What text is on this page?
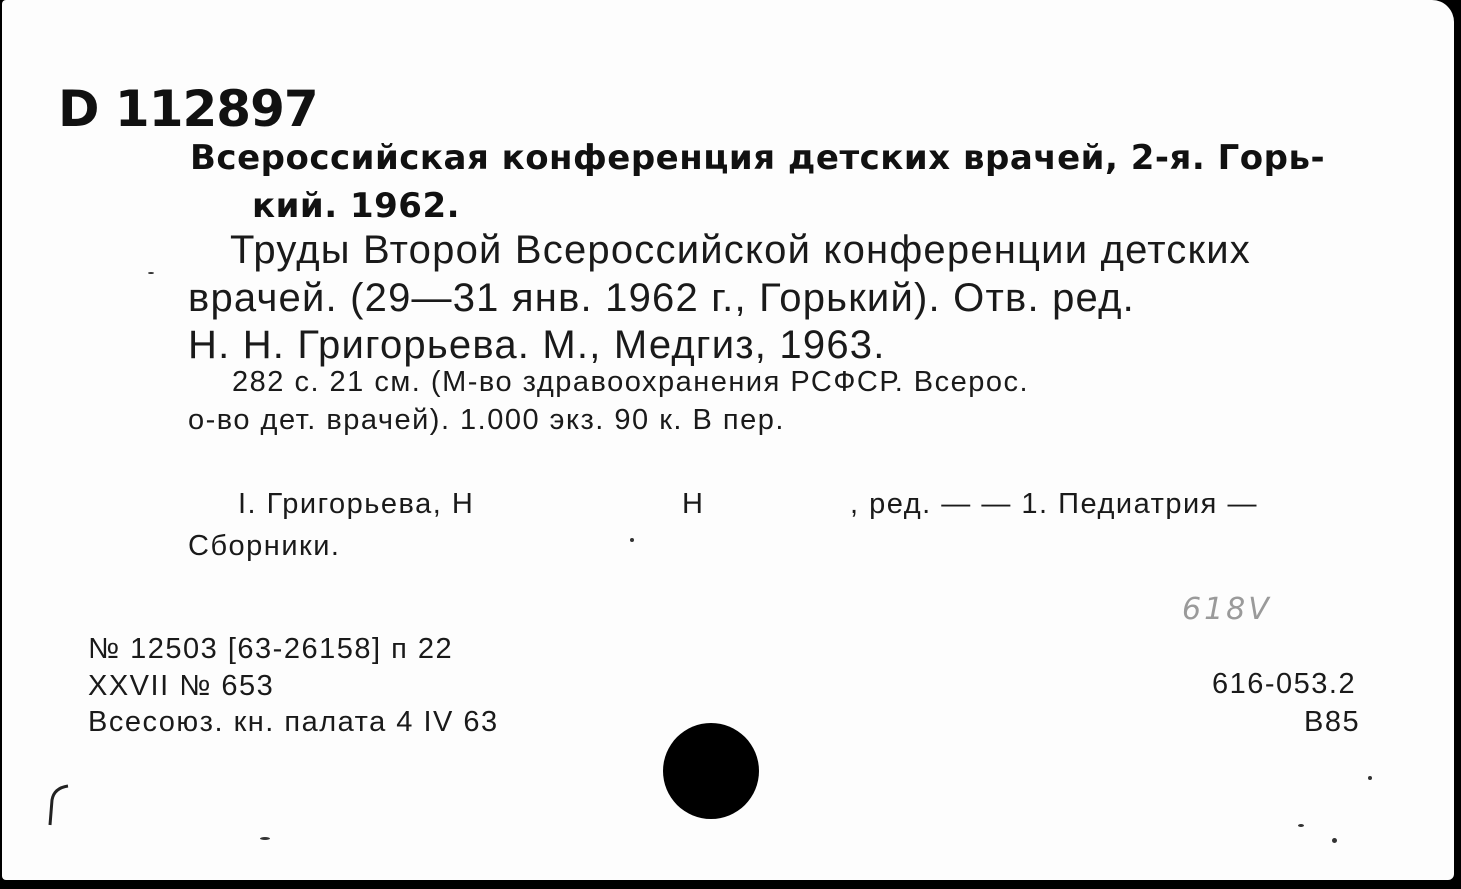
D 112897
Всероссийская конференция детских врачей, 2-я. Горь-
кий. 1962.
Труды Второй Всероссийской конференции детских
врачей. (29—31 янв. 1962 г., Горький). Отв. ред.
Н. Н. Григорьева. М., Медгиз, 1963.
282 с. 21 см. (М-во здравоохранения РСФСР. Всерос.
о-во дет. врачей). 1.000 экз. 90 к. В пер.
I. Григорьева, Н	Н	, ред. — — 1. Педиатрия —
Сборники.
№ 12503 [63-26158] п 22
XXVII № 653
Всесоюз. кн. палата 4 IV 63
618V
616-053.2
В85
